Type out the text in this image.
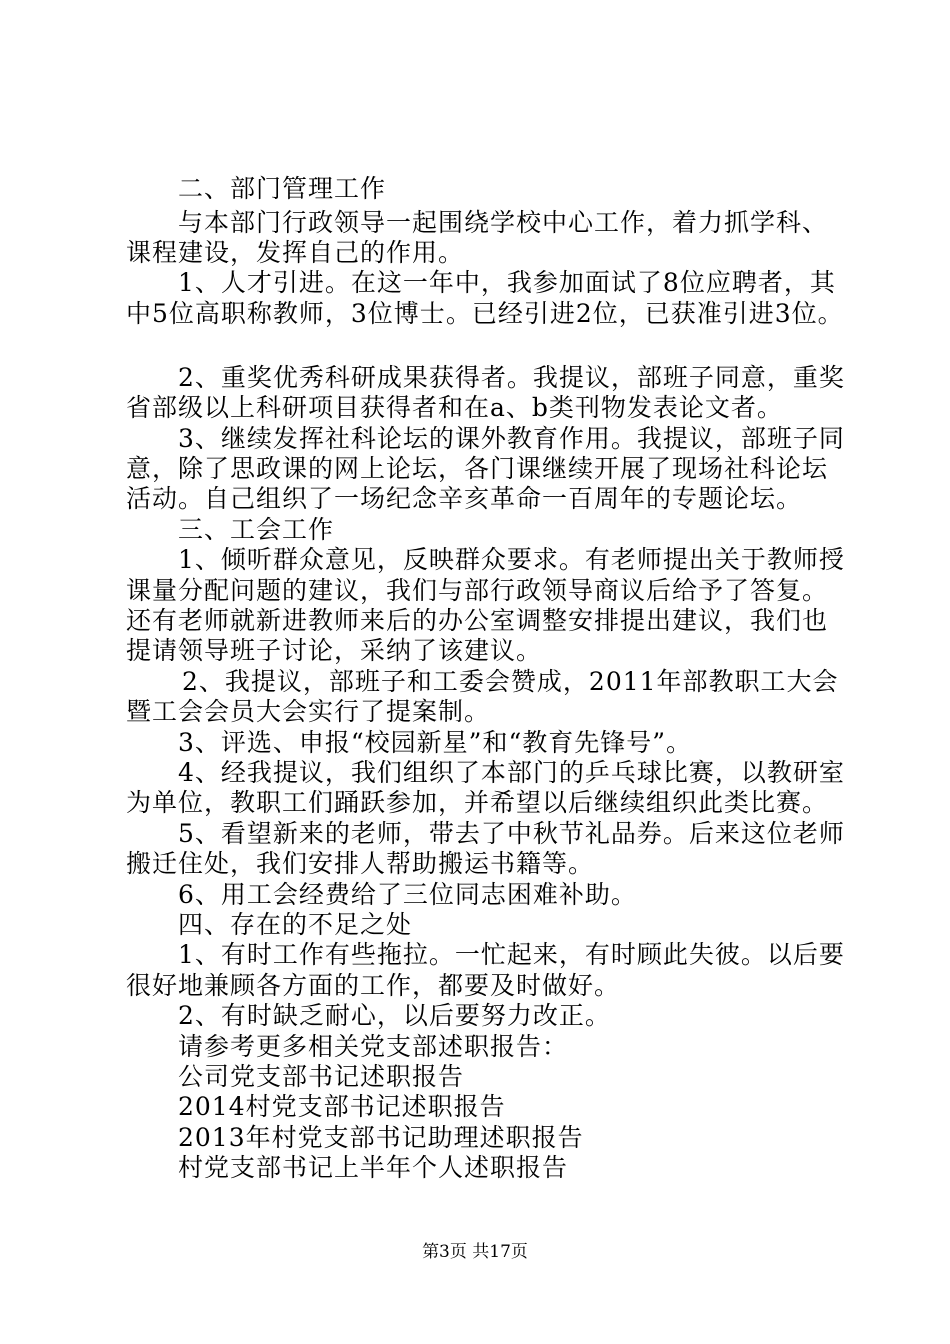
二、部门管理工作
与本部门行政领导一起围绕学校中心工作，着力抓学科、
课程建设，发挥自己的作用。
1、人才引进。在这一年中，我参加面试了8位应聘者，其
中5位高职称教师，3位博士。已经引进2位，已获准引进3位。
2、重奖优秀科研成果获得者。我提议，部班子同意，重奖
省部级以上科研项目获得者和在a、b类刊物发表论文者。
3、继续发挥社科论坛的课外教育作用。我提议，部班子同
意，除了思政课的网上论坛，各门课继续开展了现场社科论坛
活动。自己组织了一场纪念辛亥革命一百周年的专题论坛。
三、工会工作
1、倾听群众意见，反映群众要求。有老师提出关于教师授
课量分配问题的建议，我们与部行政领导商议后给予了答复。
还有老师就新进教师来后的办公室调整安排提出建议，我们也
提请领导班子讨论，采纳了该建议。
2、我提议，部班子和工委会赞成，2011年部教职工大会
暨工会会员大会实行了提案制。
3、评选、申报“校园新星”和“教育先锋号”。
4、经我提议，我们组织了本部门的乒乓球比赛，以教研室
为单位，教职工们踊跃参加，并希望以后继续组织此类比赛。
5、看望新来的老师，带去了中秋节礼品券。后来这位老师
搬迁住处，我们安排人帮助搬运书籍等。
6、用工会经费给了三位同志困难补助。
四、存在的不足之处
1、有时工作有些拖拉。一忙起来，有时顾此失彼。以后要
很好地兼顾各方面的工作，都要及时做好。
2、有时缺乏耐心，以后要努力改正。
请参考更多相关党支部述职报告：
公司党支部书记述职报告
2014村党支部书记述职报告
2013年村党支部书记助理述职报告
村党支部书记上半年个人述职报告
第3页 共17页
